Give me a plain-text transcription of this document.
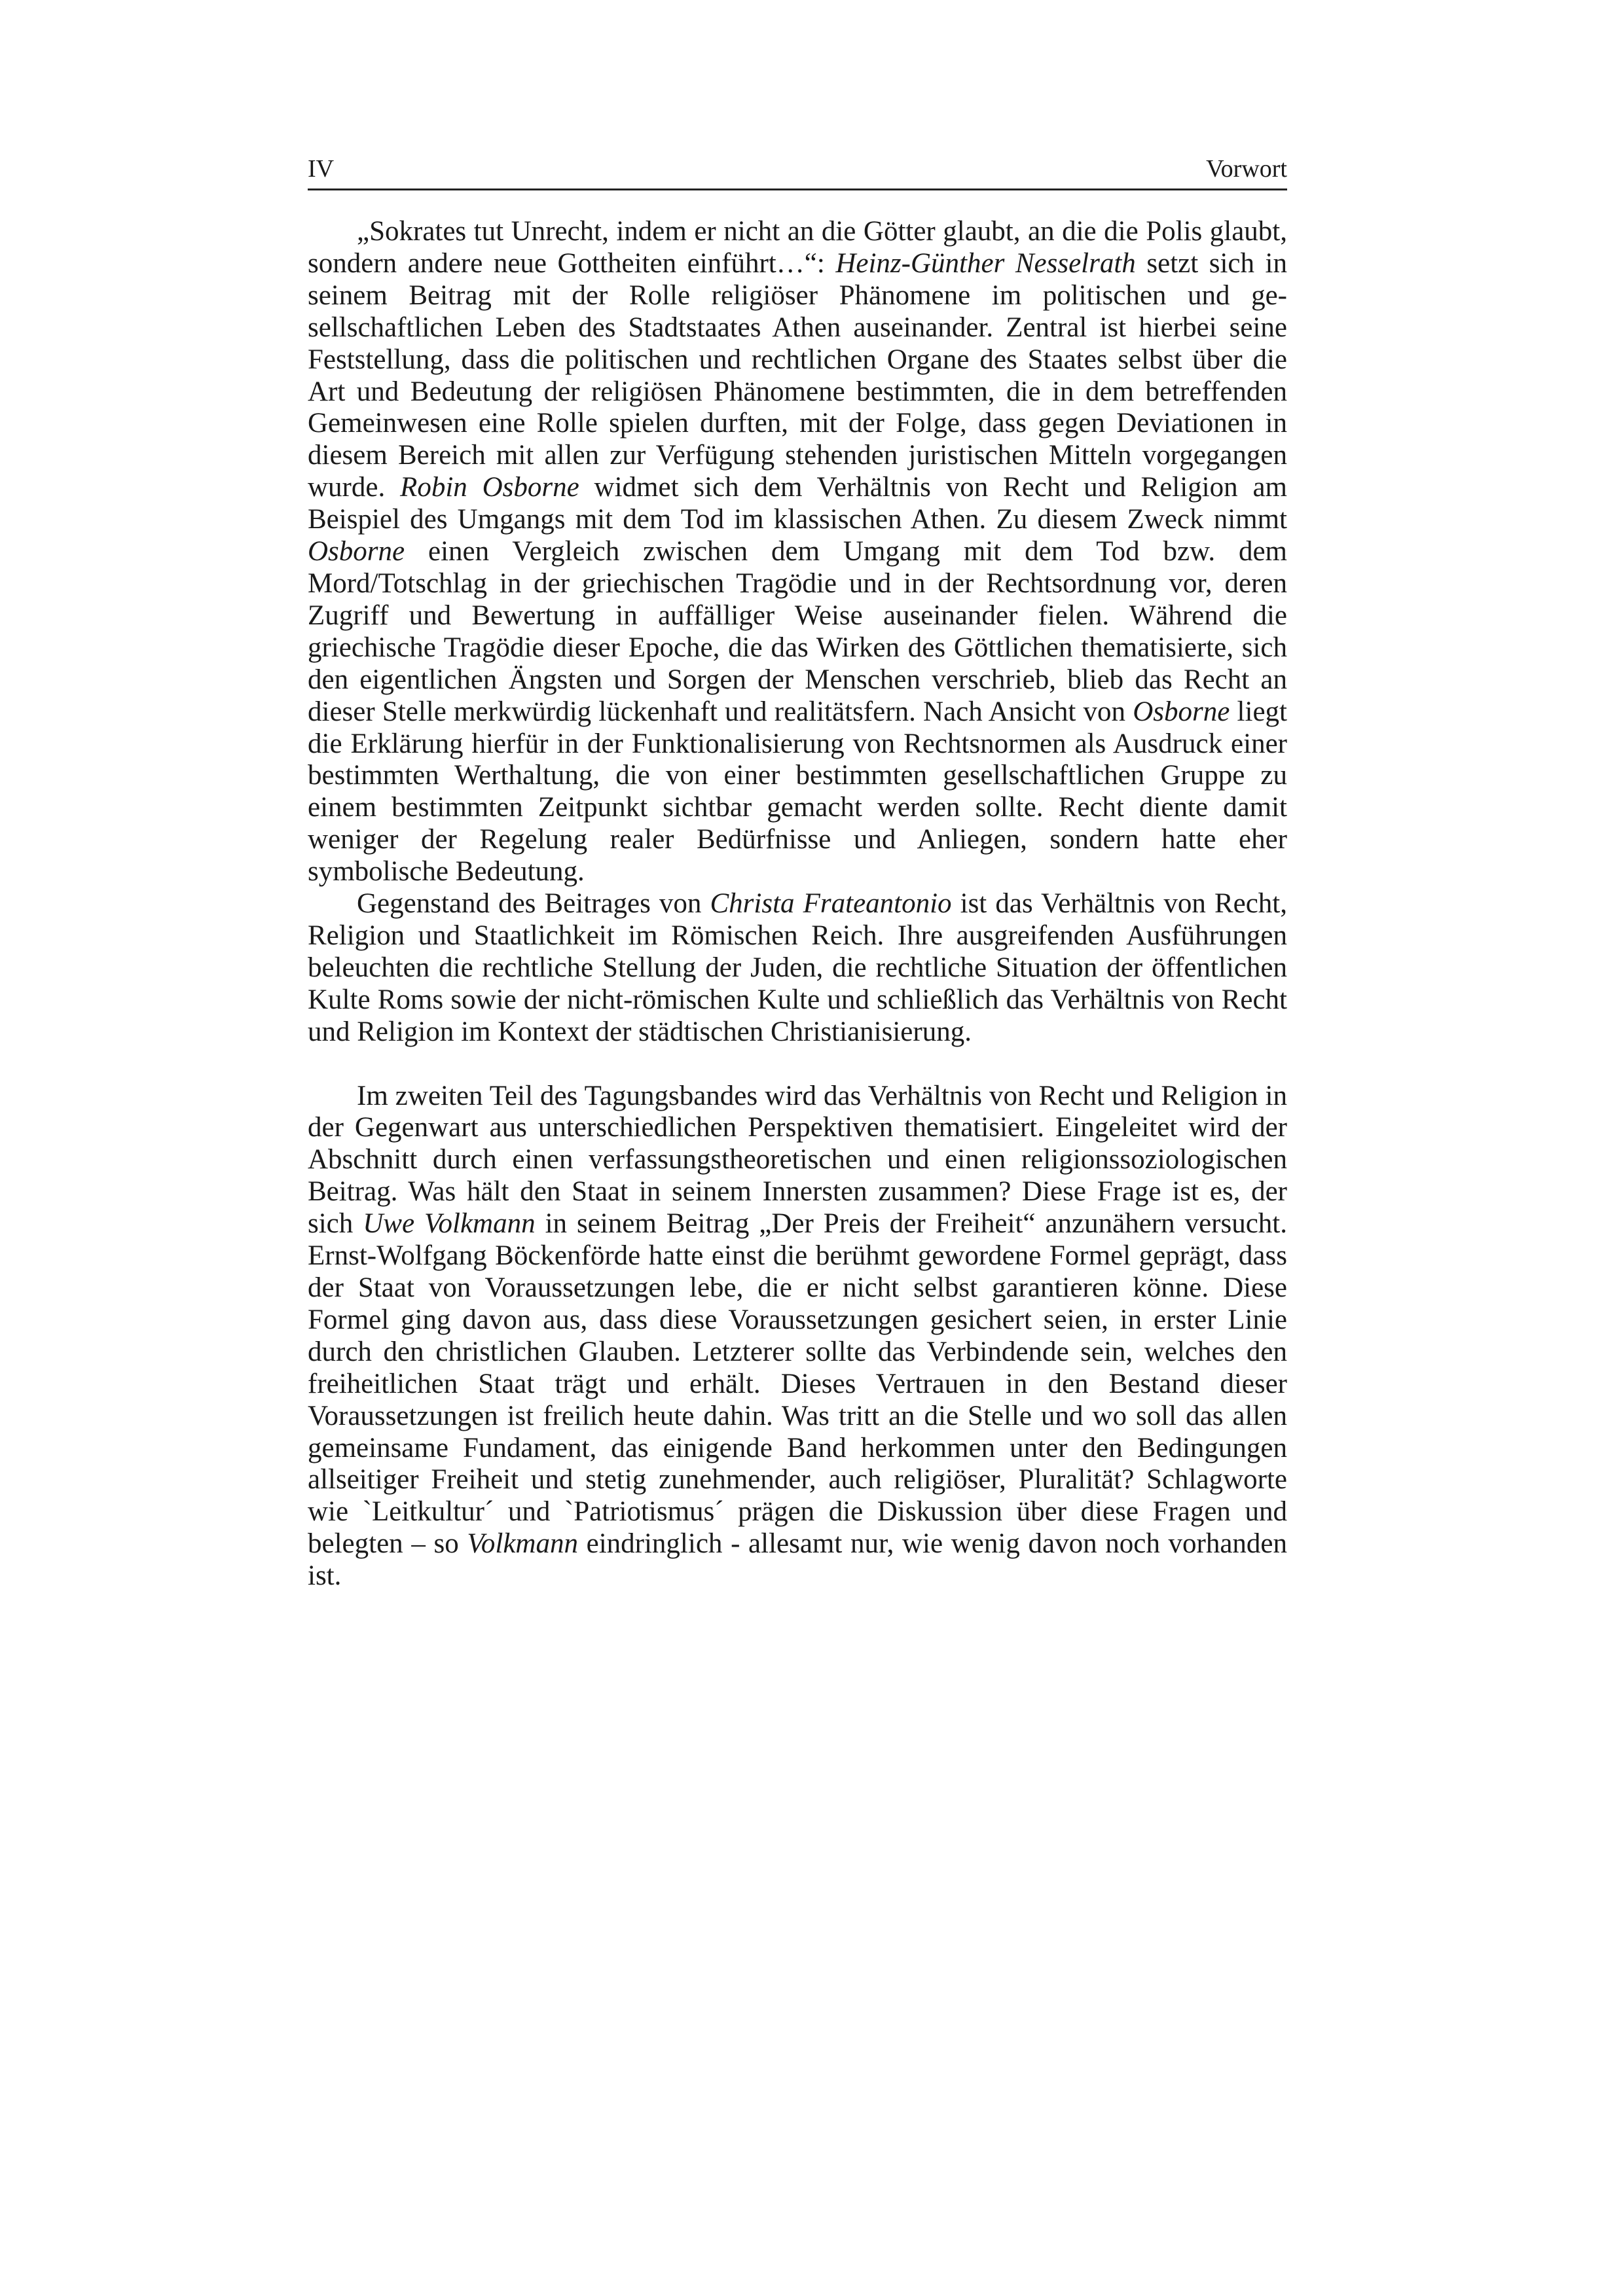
IV	Vorwort

„Sokrates tut Unrecht, indem er nicht an die Götter glaubt, an die die Polis glaubt, sondern andere neue Gottheiten einführt…“: Heinz-Günther Nesselrath setzt sich in seinem Beitrag mit der Rolle religiöser Phänomene im politischen und gesellschaftlichen Leben des Stadtstaates Athen auseinander. Zentral ist hierbei seine Feststellung, dass die politischen und rechtlichen Organe des Staates selbst über die Art und Bedeutung der religiösen Phänomene bestimmten, die in dem betreffenden Gemeinwesen eine Rolle spielen durften, mit der Folge, dass gegen Deviationen in diesem Bereich mit allen zur Verfügung stehenden juristischen Mitteln vorgegangen wurde. Robin Osborne widmet sich dem Verhältnis von Recht und Religion am Beispiel des Umgangs mit dem Tod im klassischen Athen. Zu diesem Zweck nimmt Osborne einen Vergleich zwischen dem Umgang mit dem Tod bzw. dem Mord/Totschlag in der griechischen Tragödie und in der Rechtsordnung vor, deren Zugriff und Bewertung in auffälliger Weise auseinander fielen. Während die griechische Tragödie dieser Epoche, die das Wirken des Göttlichen thematisierte, sich den eigentlichen Ängsten und Sorgen der Menschen verschrieb, blieb das Recht an dieser Stelle merkwürdig lückenhaft und realitätsfern. Nach Ansicht von Osborne liegt die Erklärung hierfür in der Funktionalisierung von Rechtsnormen als Ausdruck einer bestimmten Werthaltung, die von einer bestimmten gesellschaftlichen Gruppe zu einem bestimmten Zeitpunkt sichtbar gemacht werden sollte. Recht diente damit weniger der Regelung realer Bedürfnisse und Anliegen, sondern hatte eher symbolische Bedeutung.

Gegenstand des Beitrages von Christa Frateantonio ist das Verhältnis von Recht, Religion und Staatlichkeit im Römischen Reich. Ihre ausgreifenden Ausführungen beleuchten die rechtliche Stellung der Juden, die rechtliche Situation der öffentlichen Kulte Roms sowie der nicht-römischen Kulte und schließlich das Verhältnis von Recht und Religion im Kontext der städtischen Christianisierung.

Im zweiten Teil des Tagungsbandes wird das Verhältnis von Recht und Religion in der Gegenwart aus unterschiedlichen Perspektiven thematisiert. Eingeleitet wird der Abschnitt durch einen verfassungstheoretischen und einen religionssoziologischen Beitrag. Was hält den Staat in seinem Innersten zusammen? Diese Frage ist es, der sich Uwe Volkmann in seinem Beitrag „Der Preis der Freiheit“ anzunähern versucht. Ernst-Wolfgang Böckenförde hatte einst die berühmt gewordene Formel geprägt, dass der Staat von Voraussetzungen lebe, die er nicht selbst garantieren könne. Diese Formel ging davon aus, dass diese Voraussetzungen gesichert seien, in erster Linie durch den christlichen Glauben. Letzterer sollte das Verbindende sein, welches den freiheitlichen Staat trägt und erhält. Dieses Vertrauen in den Bestand dieser Voraussetzungen ist freilich heute dahin. Was tritt an die Stelle und wo soll das allen gemeinsame Fundament, das einigende Band herkommen unter den Bedingungen allseitiger Freiheit und stetig zunehmender, auch religiöser, Pluralität? Schlagworte wie `Leitkultur´ und `Patriotismus´ prägen die Diskussion über diese Fragen und belegten – so Volkmann eindringlich - allesamt nur, wie wenig davon noch vorhanden ist.
